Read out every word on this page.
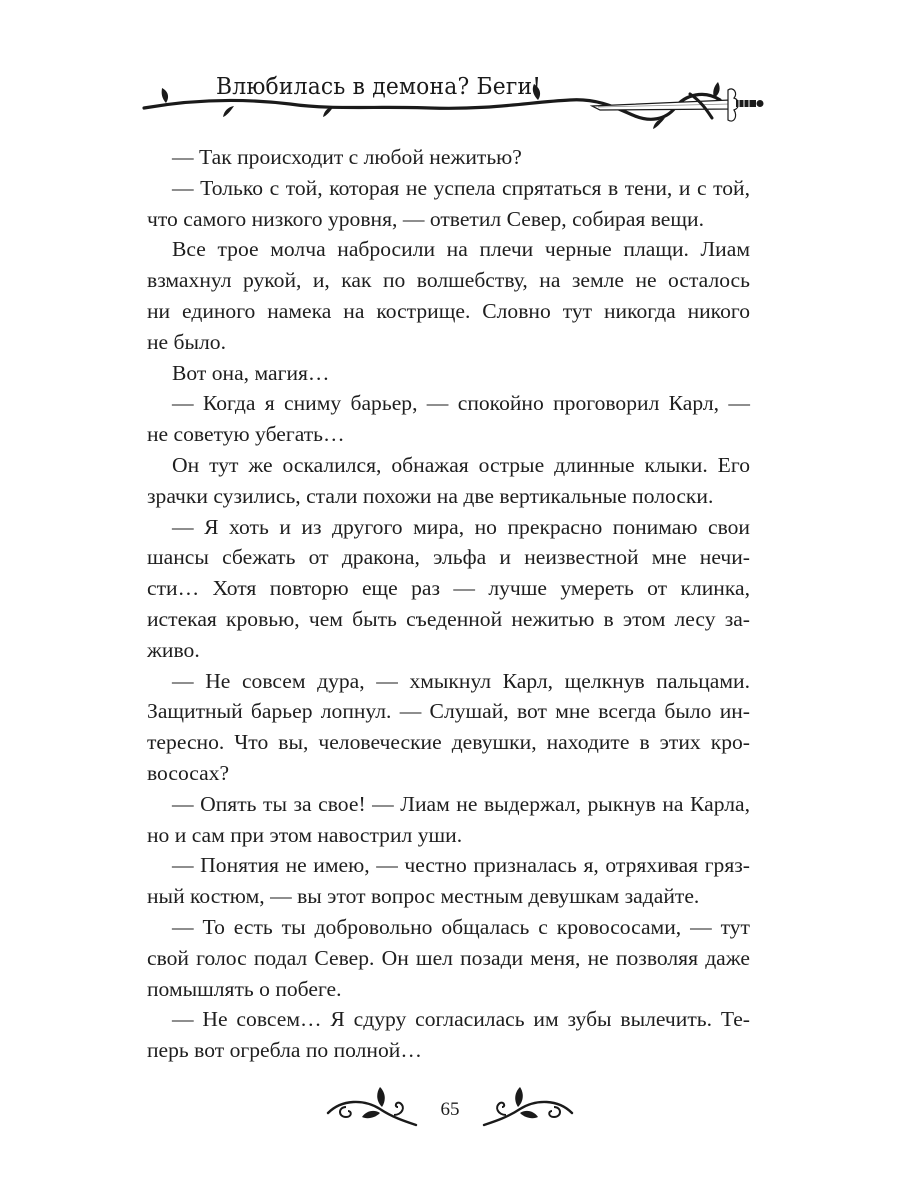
Влюбилась в демона? Беги!
— Так происходит с любой нежитью?
— Только с той, которая не успела спрятаться в тени, и с той,
что самого низкого уровня, — ответил Север, собирая вещи.
Все трое молча набросили на плечи черные плащи. Лиам
взмахнул рукой, и, как по волшебству, на земле не осталось
ни единого намека на кострище. Словно тут никогда никого
не было.
Вот она, магия…
— Когда я сниму барьер, — спокойно проговорил Карл, —
не советую убегать…
Он тут же оскалился, обнажая острые длинные клыки. Его
зрачки сузились, стали похожи на две вертикальные полоски.
— Я хоть и из другого мира, но прекрасно понимаю свои
шансы сбежать от дракона, эльфа и неизвестной мне нечи-
сти… Хотя повторю еще раз — лучше умереть от клинка,
истекая кровью, чем быть съеденной нежитью в этом лесу за-
живо.
— Не совсем дура, — хмыкнул Карл, щелкнув пальцами.
Защитный барьер лопнул. — Слушай, вот мне всегда было ин-
тересно. Что вы, человеческие девушки, находите в этих кро-
вососах?
— Опять ты за свое! — Лиам не выдержал, рыкнув на Карла,
но и сам при этом навострил уши.
— Понятия не имею, — честно призналась я, отряхивая гряз-
ный костюм, — вы этот вопрос местным девушкам задайте.
— То есть ты добровольно общалась с кровососами, — тут
свой голос подал Север. Он шел позади меня, не позволяя даже
помышлять о побеге.
— Не совсем… Я сдуру согласилась им зубы вылечить. Те-
перь вот огребла по полной…
65
